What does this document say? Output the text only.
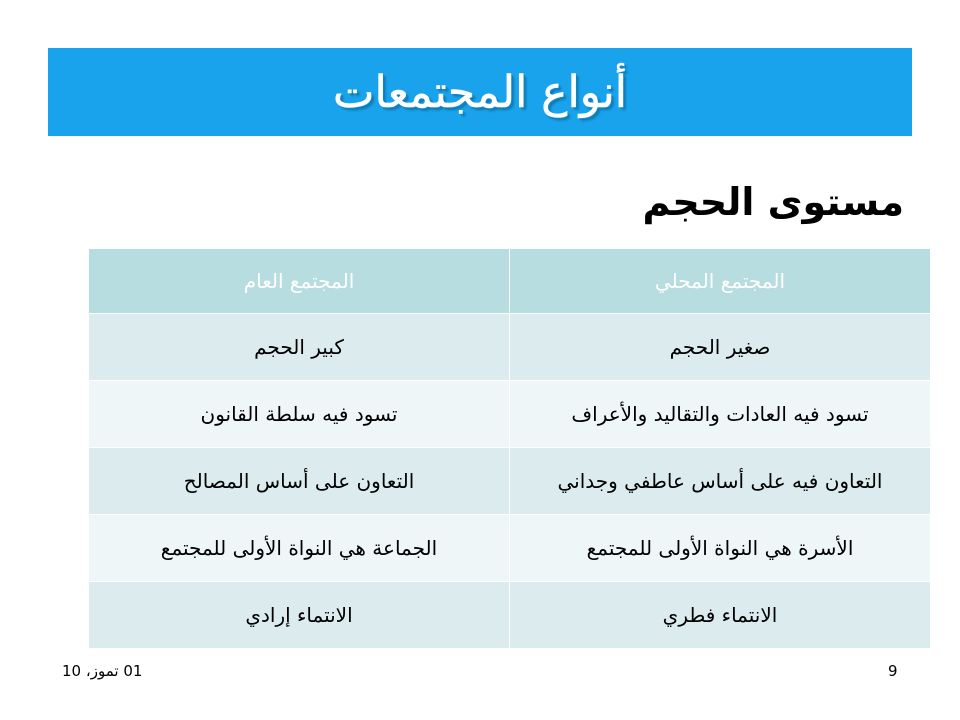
أنواع المجتمعات
مستوى الحجم
المجتمع المحلي	المجتمع العام
صغير الحجم	كبير الحجم
تسود فيه العادات والتقاليد والأعراف	تسود فيه سلطة القانون
التعاون فيه على أساس عاطفي وجداني	التعاون على أساس المصالح
الأسرة هي النواة الأولى للمجتمع	الجماعة هي النواة الأولى للمجتمع
الانتماء فطري	الانتماء إرادي
01 تموز، 10	9
